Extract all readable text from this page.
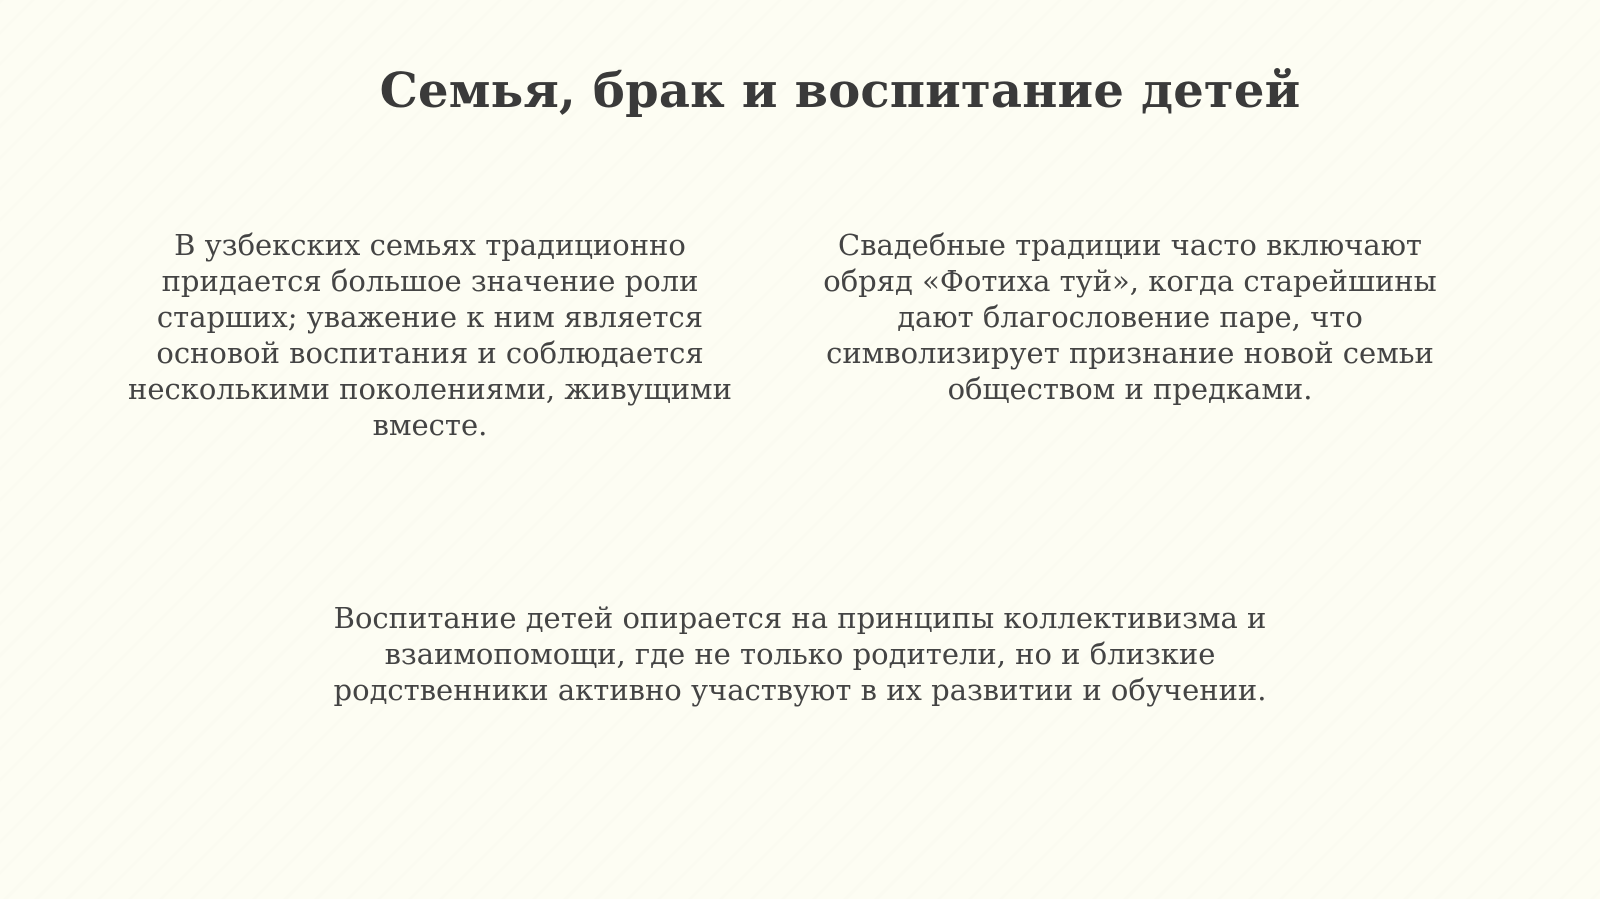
Семья, брак и воспитание детей
В узбекских семьях традиционно придается большое значение роли старших; уважение к ним является основой воспитания и соблюдается несколькими поколениями, живущими вместе.
Свадебные традиции часто включают обряд «Фотиха туй», когда старейшины дают благословение паре, что символизирует признание новой семьи обществом и предками.
Воспитание детей опирается на принципы коллективизма и взаимопомощи, где не только родители, но и близкие родственники активно участвуют в их развитии и обучении.
